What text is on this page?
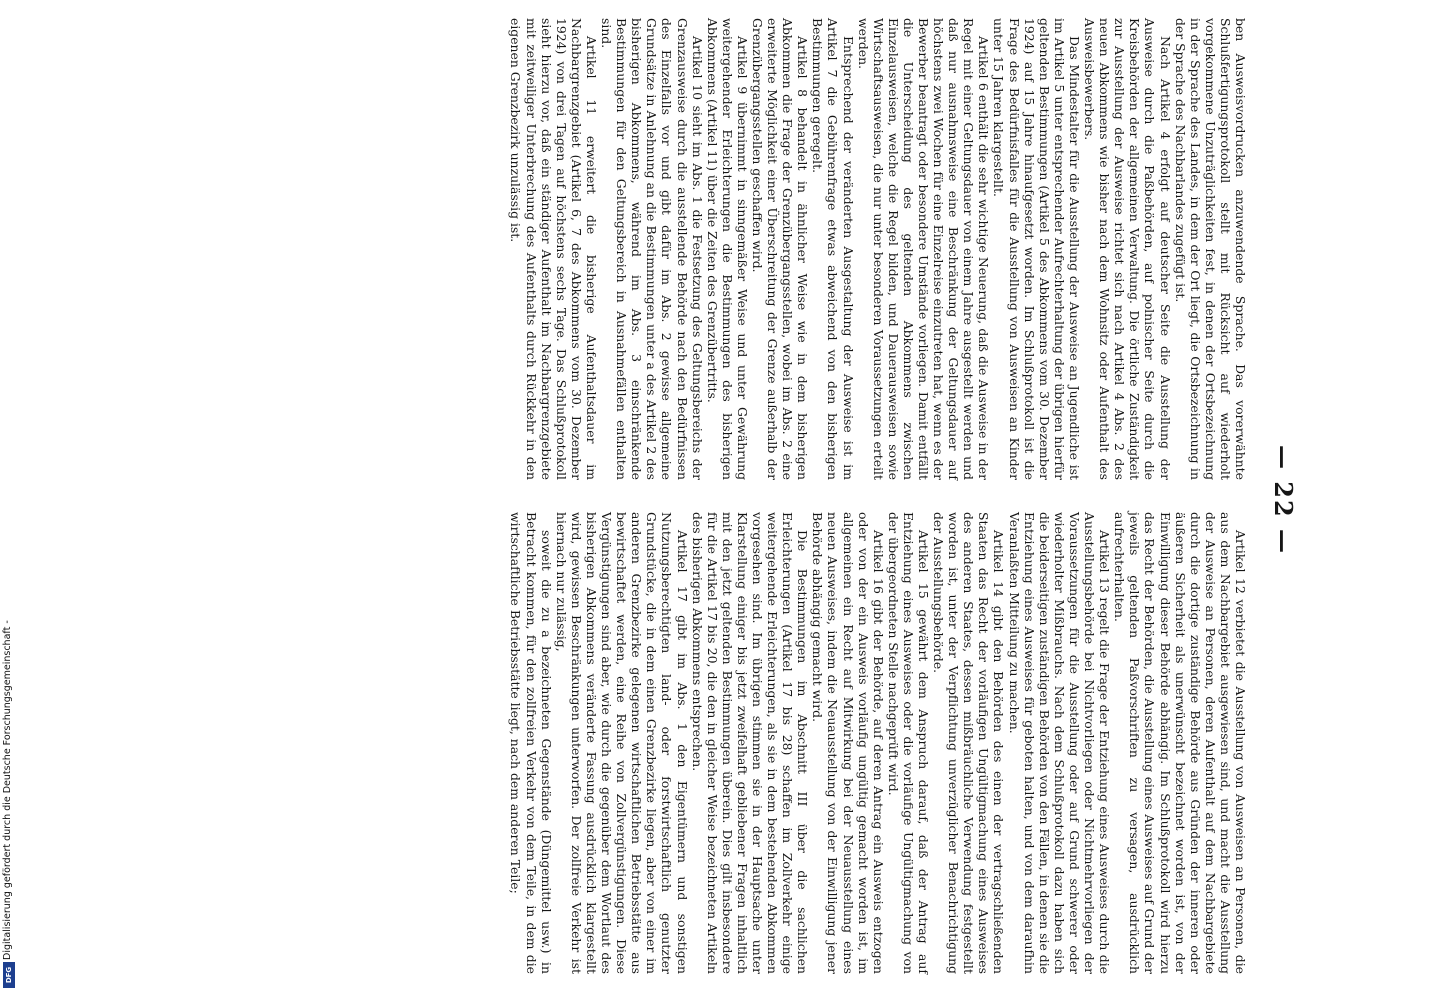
Digitalisierung gefördert durch die Deutsche Forschungsgemeinschaft -
DFG
— 22 —

ben Ausweisvordrucken anzuwendende Sprache. Das vorerwähnte Schlußfertigungsprotokoll stellt mit Rücksicht auf wiederholt vorgekommene Unzuträglichkeiten fest, in denen der Ortsbezeichnung in der Sprache des Landes, in dem der Ort liegt, die Ortsbezeichnung in der Sprache des Nachbarlandes zugefügt ist.

Nach Artikel 4 erfolgt auf deutscher Seite die Ausstellung der Ausweise durch die Paßbehörden, auf polnischer Seite durch die Kreisbehörden der allgemeinen Verwaltung. Die örtliche Zuständigkeit zur Ausstellung der Ausweise richtet sich nach Artikel 4 Abs. 2 des neuen Abkommens wie bisher nach dem Wohnsitz oder Aufenthalt des Ausweisbewerbers.

Das Mindestalter für die Ausstellung der Ausweise an Jugendliche ist im Artikel 5 unter entsprechender Aufrechterhaltung der übrigen hierfür geltenden Bestimmungen (Artikel 5 des Abkommens vom 30. Dezember 1924) auf 15 Jahre hinaufgesetzt worden. Im Schlußprotokoll ist die Frage des Bedürfnisfalles für die Ausstellung von Ausweisen an Kinder unter 15 Jahren klargestellt.

Artikel 6 enthält die sehr wichtige Neuerung, daß die Ausweise in der Regel mit einer Geltungsdauer von einem Jahre ausgestellt werden und daß nur ausnahmsweise eine Beschränkung der Geltungsdauer auf höchstens zwei Wochen für eine Einzelreise einzutreten hat, wenn es der Bewerber beantragt oder besondere Umstände vorliegen. Damit entfällt die Unterscheidung des geltenden Abkommens zwischen Einzelausweisen, welche die Regel bilden, und Dauerausweisen sowie Wirtschaftsausweisen, die nur unter besonderen Voraussetzungen erteilt werden.

Entsprechend der veränderten Ausgestaltung der Ausweise ist im Artikel 7 die Gebührenfrage etwas abweichend von den bisherigen Bestimmungen geregelt.

Artikel 8 behandelt in ähnlicher Weise wie in dem bisherigen Abkommen die Frage der Grenzübergangsstellen, wobei im Abs. 2 eine erweiterte Möglichkeit einer Überschreitung der Grenze außerhalb der Grenzübergangsstellen geschaffen wird.

Artikel 9 übernimmt in sinngemäßer Weise und unter Gewährung weitergehender Erleichterungen die Bestimmungen des bisherigen Abkommens (Artikel 11) über die Zeiten des Grenzübertritts.

Artikel 10 sieht im Abs. 1 die Festsetzung des Geltungsbereichs der Grenzausweise durch die ausstellende Behörde nach den Bedürfnissen des Einzelfalls vor und gibt dafür im Abs. 2 gewisse allgemeine Grundsätze in Anlehnung an die Bestimmungen unter a des Artikel 2 des bisherigen Abkommens, während im Abs. 3 einschränkende Bestimmungen für den Geltungsbereich in Ausnahmefällen enthalten sind.

Artikel 11 erweitert die bisherige Aufenthaltsdauer im Nachbargrenzgebiet (Artikel 6, 7 des Abkommens vom 30. Dezember 1924) von drei Tagen auf höchstens sechs Tage. Das Schlußprotokoll sieht hierzu vor, daß ein ständiger Aufenthalt im Nachbargrenzgebiete mit zeitweiliger Unterbrechung des Aufenthalts durch Rückkehr in den eigenen Grenzbezirk unzulässig ist.

Artikel 12 verbietet die Ausstellung von Ausweisen an Personen, die aus dem Nachbargebiet ausgewiesen sind, und macht die Ausstellung der Ausweise an Personen, deren Aufenthalt auf dem Nachbargebiete durch die dortige zuständige Behörde aus Gründen der inneren oder äußeren Sicherheit als unerwünscht bezeichnet worden ist, von der Einwilligung dieser Behörde abhängig. Im Schlußprotokoll wird hierzu das Recht der Behörden, die Ausstellung eines Ausweises auf Grund der jeweils geltenden Paßvorschriften zu versagen, ausdrücklich aufrechterhalten.

Artikel 13 regelt die Frage der Entziehung eines Ausweises durch die Ausstellungsbehörde bei Nichtvorliegen oder Nichtmehrvorliegen der Voraussetzungen für die Ausstellung oder auf Grund schwerer oder wiederholter Mißbrauchs. Nach dem Schlußprotokoll dazu haben sich die beiderseitigen zuständigen Behörden von den Fällen, in denen sie die Entziehung eines Ausweises für geboten halten, und von dem daraufhin Veranlaßten Mitteilung zu machen.

Artikel 14 gibt den Behörden des einen der vertragschließenden Staaten das Recht der vorläufigen Ungültigmachung eines Ausweises des anderen Staates, dessen mißbräuchliche Verwendung festgestellt worden ist, unter der Verpflichtung unverzüglicher Benachrichtigung der Ausstellungsbehörde.

Artikel 15 gewährt dem Anspruch darauf, daß der Antrag auf Entziehung eines Ausweises oder die vorläufige Ungültigmachung von der übergeordneten Stelle nachgeprüft wird.

Artikel 16 gibt der Behörde, auf deren Antrag ein Ausweis entzogen oder von der ein Ausweis vorläufig ungültig gemacht worden ist, im allgemeinen ein Recht auf Mitwirkung bei der Neuausstellung eines neuen Ausweises, indem die Neuausstellung von der Einwilligung jener Behörde abhängig gemacht wird.

Die Bestimmungen im Abschnitt III über die sachlichen Erleichterungen (Artikel 17 bis 28) schaffen im Zollverkehr einige weitergehende Erleichterungen, als sie in dem bestehenden Abkommen vorgesehen sind. Im übrigen stimmen sie in der Hauptsache unter Klarstellung einiger bis jetzt zweifelhaft gebliebener Fragen inhaltlich mit den jetzt geltenden Bestimmungen überein. Dies gilt insbesondere für die Artikel 17 bis 20, die den in gleicher Weise bezeichneten Artikeln des bisherigen Abkommens entsprechen.

Artikel 17 gibt im Abs. 1 den Eigentümern und sonstigen Nutzungsberechtigten land- oder forstwirtschaftlich genutzter Grundstücke, die in dem einen Grenzbezirke liegen, aber von einer im anderen Grenzbezirke gelegenen wirtschaftlichen Betriebsstätte aus bewirtschaftet werden, eine Reihe von Zollvergünstigungen. Diese Vergünstigungen sind aber, wie durch die gegenüber dem Wortlaut des bisherigen Abkommens veränderte Fassung ausdrücklich klargestellt wird, gewissen Beschränkungen unterworfen. Der zollfreie Verkehr ist hiernach nur zulässig,

soweit die zu a bezeichneten Gegenstände (Düngemittel usw.) in Betracht kommen, für den zollfreien Verkehr von dem Teile, in dem die wirtschaftliche Betriebsstätte liegt, nach dem anderen Teile;
